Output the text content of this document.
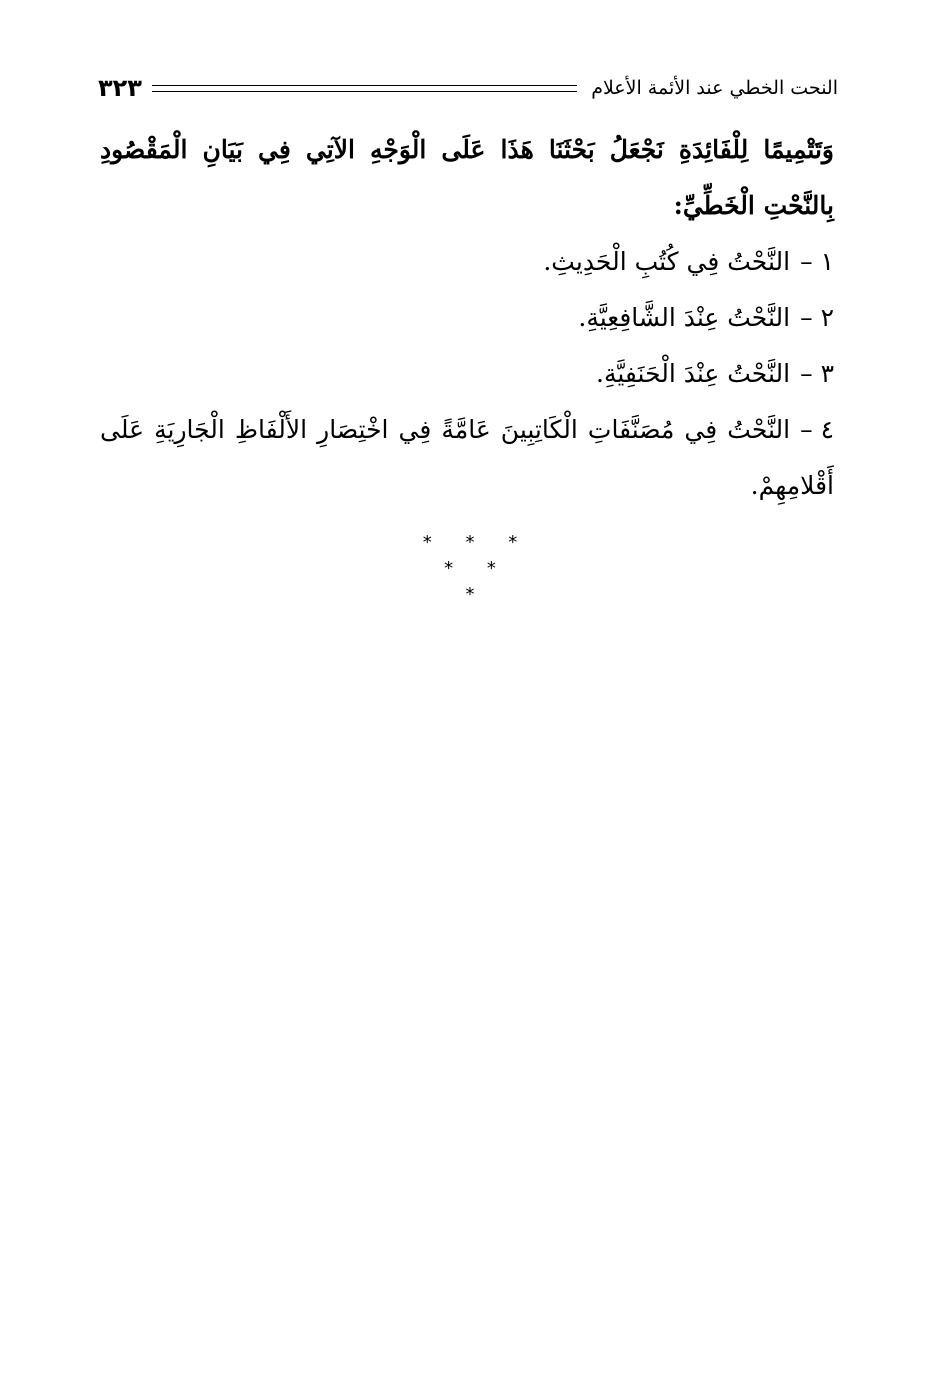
النحت الخطي عند الأئمة الأعلام
٣٢٣

وَتَتْمِيمًا لِلْفَائِدَةِ نَجْعَلُ بَحْثَنَا هَذَا عَلَى الْوَجْهِ الآتِي فِي بَيَانِ الْمَقْصُودِ بِالنَّحْتِ الْخَطِّيِّ:

١–النَّحْتُ فِي كُتُبِ الْحَدِيثِ.

٢–النَّحْتُ عِنْدَ الشَّافِعِيَّةِ.

٣–النَّحْتُ عِنْدَ الْحَنَفِيَّةِ.

٤–النَّحْتُ فِي مُصَنَّفَاتِ الْكَاتِبِينَ عَامَّةً فِي اخْتِصَارِ الأَلْفَاظِ الْجَارِيَةِ عَلَى أَقْلامِهِمْ.

* * *
* *
*
